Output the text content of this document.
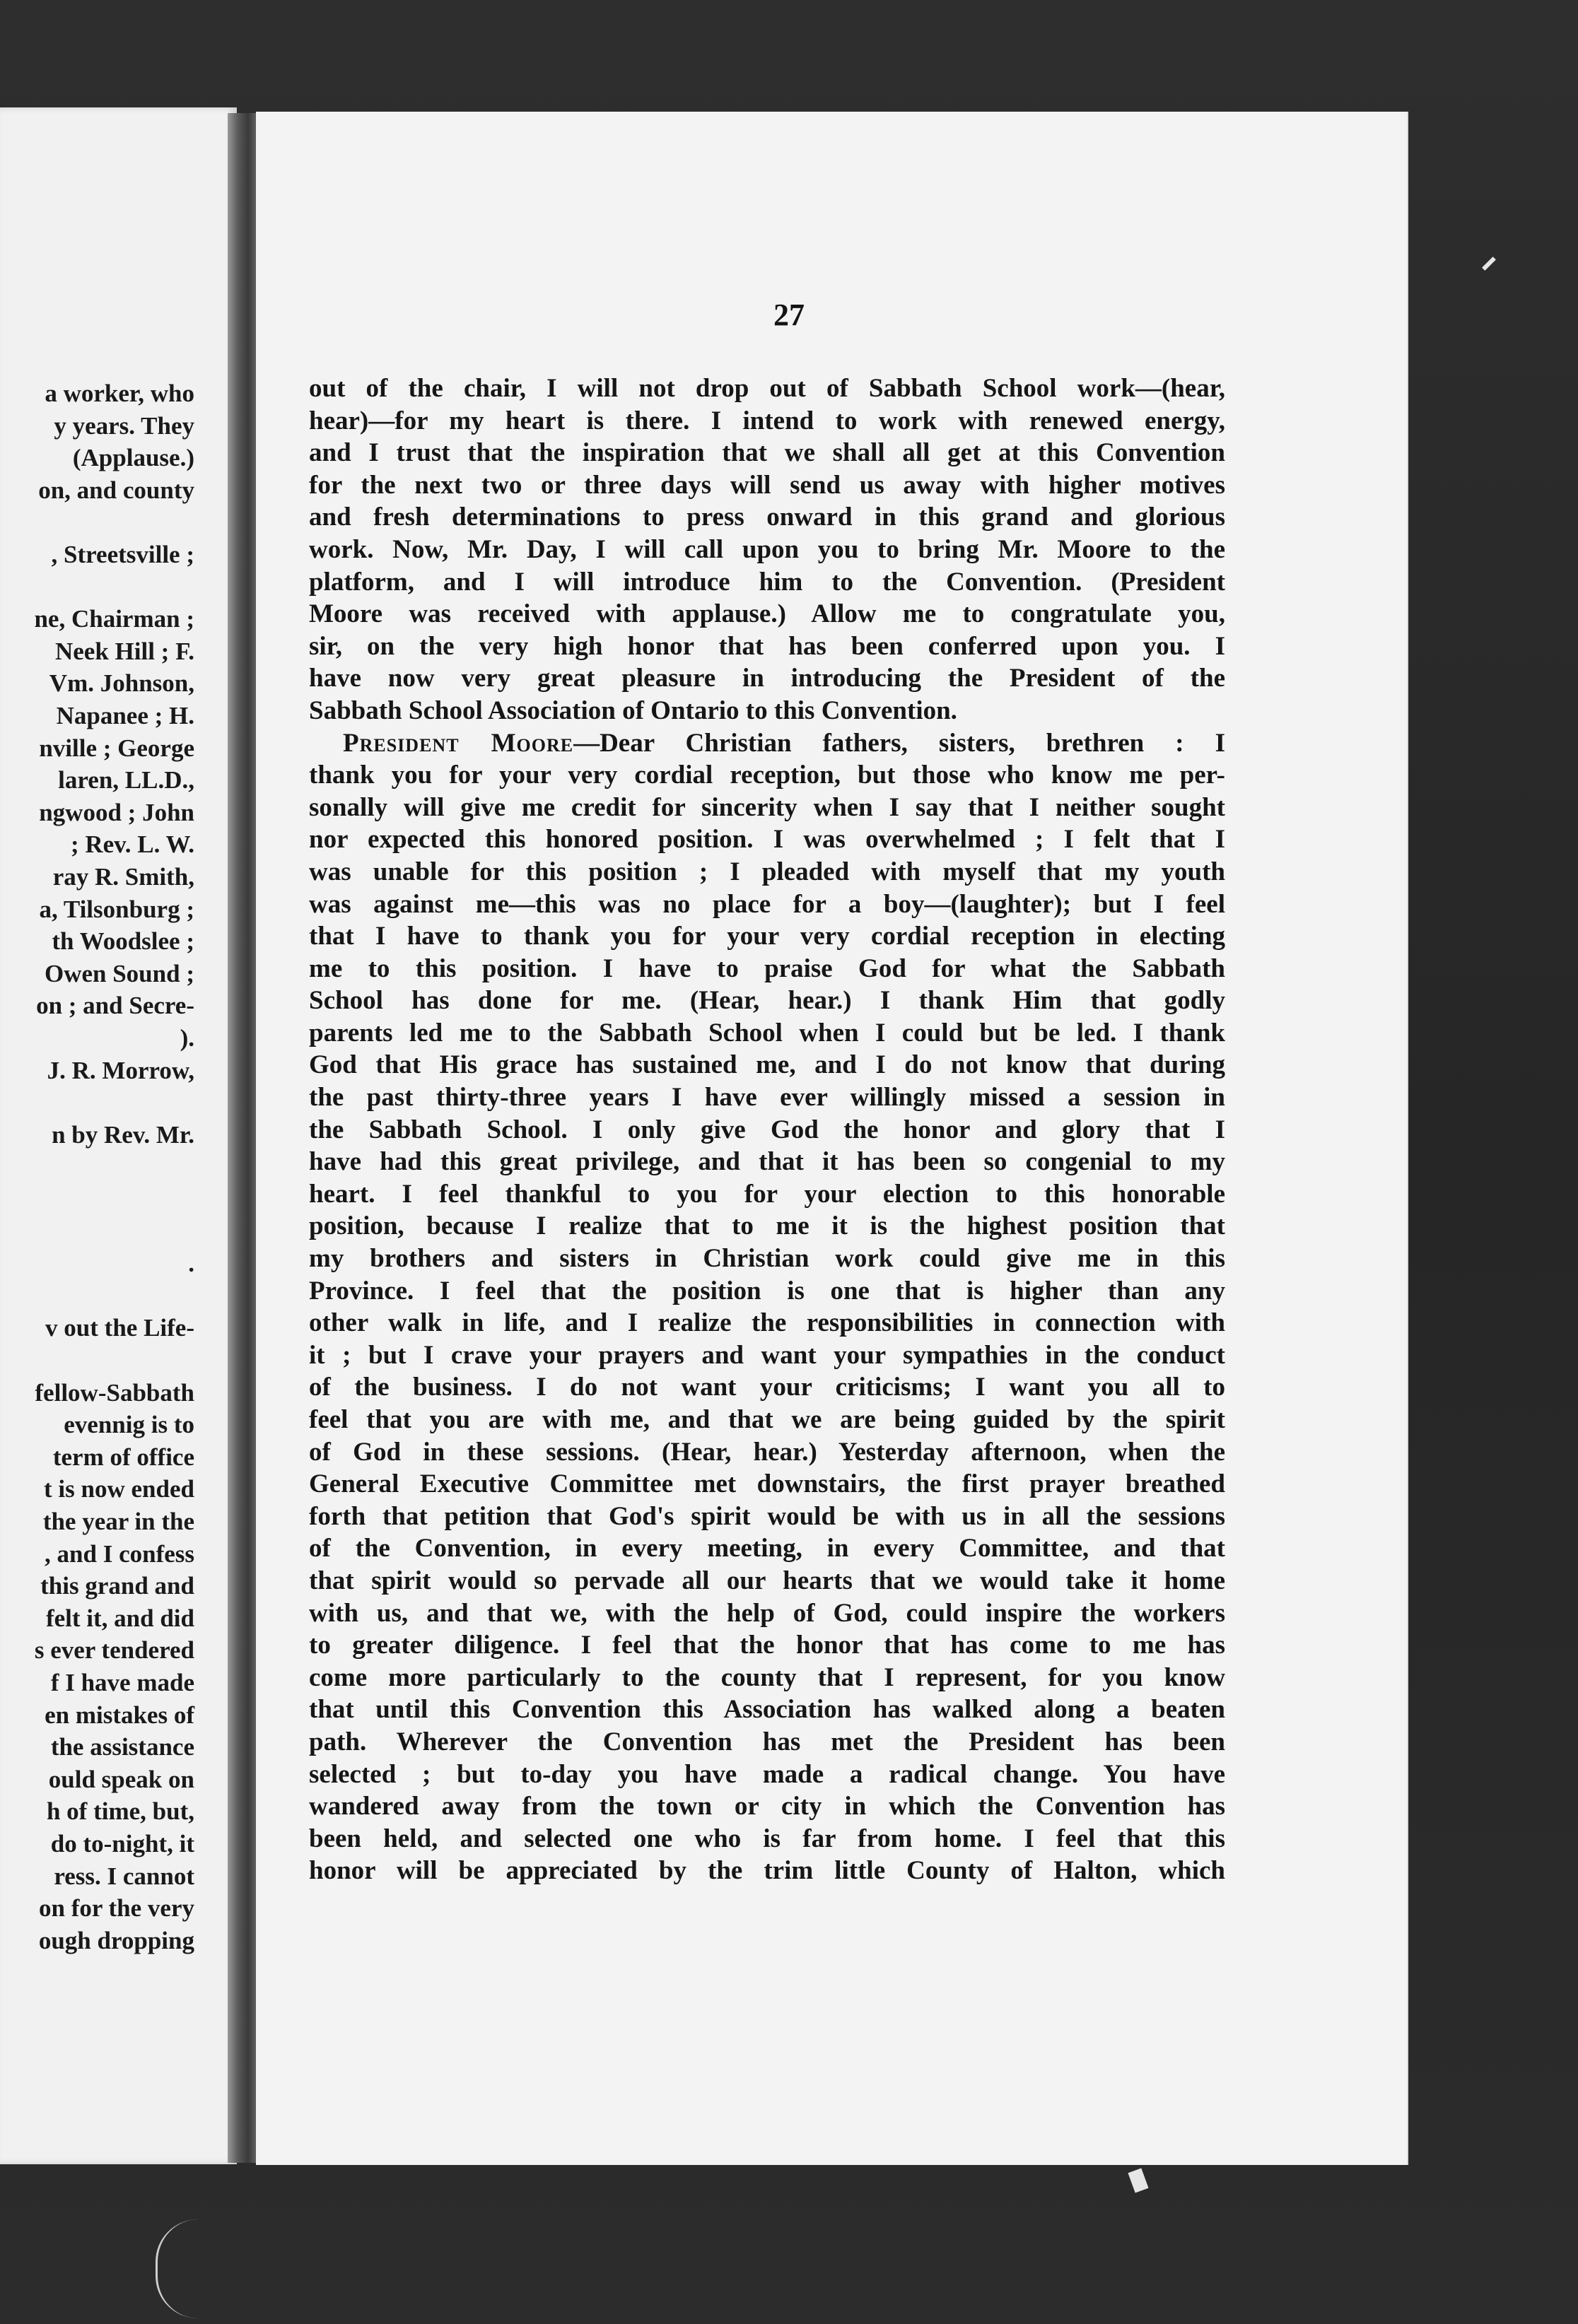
a worker, who
y years. They
(Applause.)
on, and county
, Streetsville ;
ne, Chairman ;
Neek Hill ; F.
Vm. Johnson,
Napanee ; H.
nville ; George
laren, LL.D.,
ngwood ; John
; Rev. L. W.
ray R. Smith,
a, Tilsonburg ;
th Woodslee ;
Owen Sound ;
on ; and Secre-
).
J. R. Morrow,
n by Rev. Mr.
.
v out the Life-
fellow-Sabbath
evennig is to
term of office
t is now ended
the year in the
, and I confess
this grand and
felt it, and did
s ever tendered
f I have made
en mistakes of
the assistance
ould speak on
h of time, but,
do to-night, it
ress. I cannot
on for the very
ough dropping
27
out of the chair, I will not drop out of Sabbath School work—(hear,
hear)—for my heart is there. I intend to work with renewed energy,
and I trust that the inspiration that we shall all get at this Convention
for the next two or three days will send us away with higher motives
and fresh determinations to press onward in this grand and glorious
work. Now, Mr. Day, I will call upon you to bring Mr. Moore to the
platform, and I will introduce him to the Convention. (President
Moore was received with applause.) Allow me to congratulate you,
sir, on the very high honor that has been conferred upon you. I
have now very great pleasure in introducing the President of the
Sabbath School Association of Ontario to this Convention.
President Moore—Dear Christian fathers, sisters, brethren : I
thank you for your very cordial reception, but those who know me per-
sonally will give me credit for sincerity when I say that I neither sought
nor expected this honored position. I was overwhelmed ; I felt that I
was unable for this position ; I pleaded with myself that my youth
was against me—this was no place for a boy—(laughter); but I feel
that I have to thank you for your very cordial reception in electing
me to this position. I have to praise God for what the Sabbath
School has done for me. (Hear, hear.) I thank Him that godly
parents led me to the Sabbath School when I could but be led. I thank
God that His grace has sustained me, and I do not know that during
the past thirty-three years I have ever willingly missed a session in
the Sabbath School. I only give God the honor and glory that I
have had this great privilege, and that it has been so congenial to my
heart. I feel thankful to you for your election to this honorable
position, because I realize that to me it is the highest position that
my brothers and sisters in Christian work could give me in this
Province. I feel that the position is one that is higher than any
other walk in life, and I realize the responsibilities in connection with
it ; but I crave your prayers and want your sympathies in the conduct
of the business. I do not want your criticisms; I want you all to
feel that you are with me, and that we are being guided by the spirit
of God in these sessions. (Hear, hear.) Yesterday afternoon, when the
General Executive Committee met downstairs, the first prayer breathed
forth that petition that God's spirit would be with us in all the sessions
of the Convention, in every meeting, in every Committee, and that
that spirit would so pervade all our hearts that we would take it home
with us, and that we, with the help of God, could inspire the workers
to greater diligence. I feel that the honor that has come to me has
come more particularly to the county that I represent, for you know
that until this Convention this Association has walked along a beaten
path. Wherever the Convention has met the President has been
selected ; but to-day you have made a radical change. You have
wandered away from the town or city in which the Convention has
been held, and selected one who is far from home. I feel that this
honor will be appreciated by the trim little County of Halton, which
